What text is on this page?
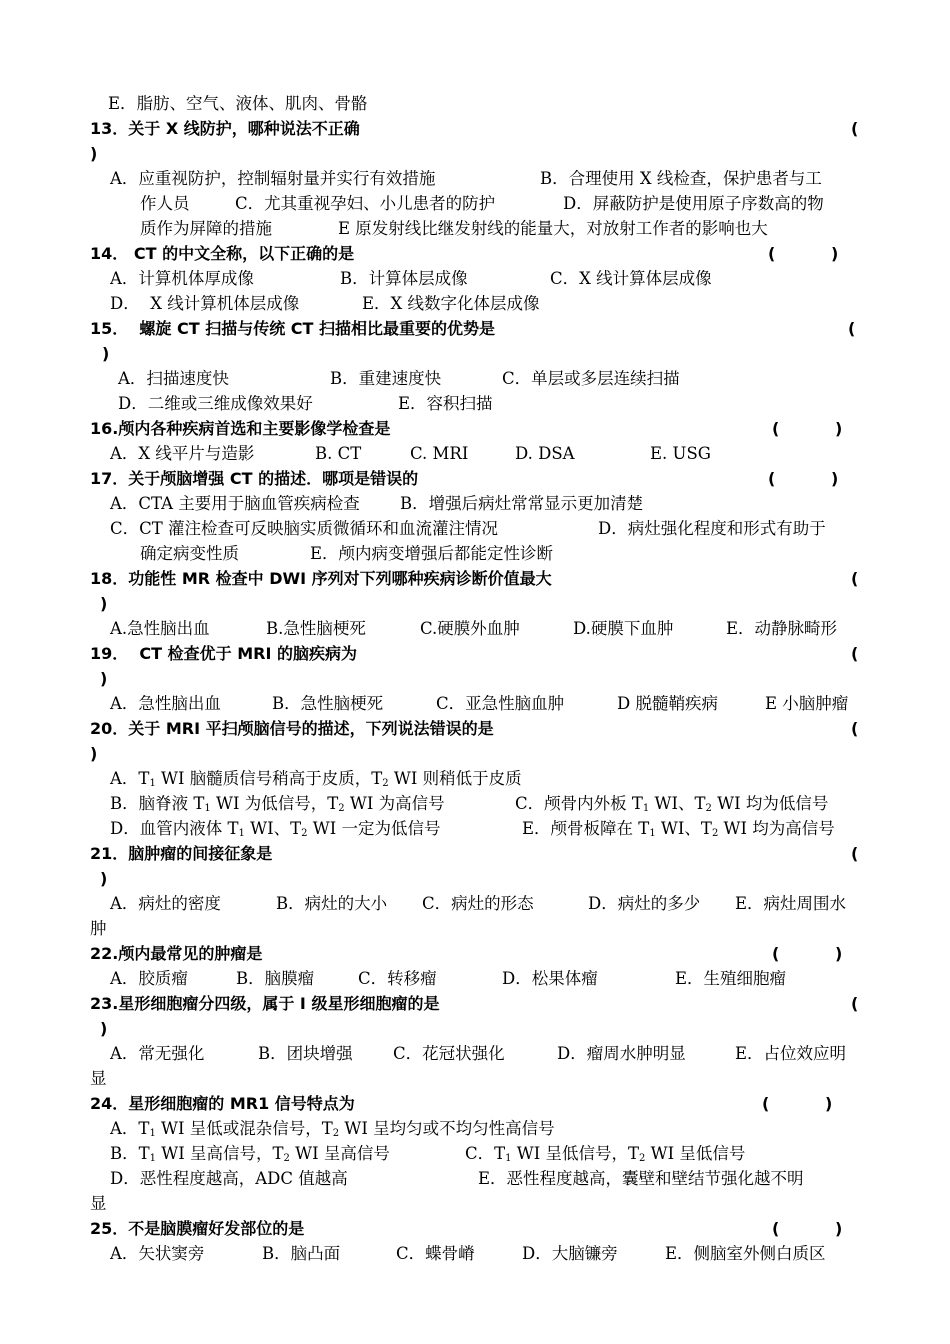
E．脂肪、空气、液体、肌肉、骨骼
13．关于 X 线防护，哪种说法不正确	(
)
A．应重视防护，控制辐射量并实行有效措施	B．合理使用 X 线检查，保护患者与工
作人员	C．尤其重视孕妇、小儿患者的防护	D．屏蔽防护是使用原子序数高的物
质作为屏障的措施	E 原发射线比继发射线的能量大，对放射工作者的影响也大
14． CT 的中文全称，以下正确的是	(          )
A．计算机体厚成像	B．计算体层成像	C．X 线计算体层成像
D．  X 线计算机体层成像	E．X 线数字化体层成像
15．  螺旋 CT 扫描与传统 CT 扫描相比最重要的优势是	(
)
A．扫描速度快	B．重建速度快	C．单层或多层连续扫描
D．二维或三维成像效果好	E．容积扫描
16.颅内各种疾病首选和主要影像学检查是	(          )
A．X 线平片与造影	B. CT	C. MRI	D. DSA	E. USG
17．关于颅脑增强 CT 的描述．哪项是错误的	(          )
A．CTA 主要用于脑血管疾病检查 B．增强后病灶常常显示更加清楚
C．CT 灌注检查可反映脑实质微循环和血流灌注情况	D．病灶强化程度和形式有助于
确定病变性质	E．颅内病变增强后都能定性诊断
18．功能性 MR 检查中 DWI 序列对下列哪种疾病诊断价值最大	(
)
A.急性脑出血	B.急性脑梗死	C.硬膜外血肿	D.硬膜下血肿	E．动静脉畸形
19．  CT 检查优于 MRI 的脑疾病为	(
)
A．急性脑出血	B．急性脑梗死	C．亚急性脑血肿	D 脱髓鞘疾病	E 小脑肿瘤
20．关于 MRI 平扫颅脑信号的描述，下列说法错误的是	(
)
A．$T_1$ WI 脑髓质信号稍高于皮质，$T_2$ WI 则稍低于皮质
B．脑脊液 $T_1$ WI 为低信号，$T_2$ WI 为高信号	C．颅骨内外板 $T_1$ WI、$T_2$ WI 均为低信号
D．血管内液体 $T_1$ WI、$T_2$ WI 一定为低信号	E．颅骨板障在 $T_1$ WI、$T_2$ WI 均为高信号
21．脑肿瘤的间接征象是	(
)
A．病灶的密度	B．病灶的大小 C．病灶的形态	D．病灶的多少 E．病灶周围水
肿
22.颅内最常见的肿瘤是	(          )
A．胶质瘤	B．脑膜瘤	C．转移瘤	D．松果体瘤	E．生殖细胞瘤
23.星形细胞瘤分四级，属于 I 级星形细胞瘤的是	(
)
A．常无强化	B．团块增强 C．花冠状强化	D．瘤周水肿明显	E．占位效应明
显
24．星形细胞瘤的 MR1 信号特点为	(          )
A．$T_1$ WI 呈低或混杂信号，$T_2$ WI 呈均匀或不均匀性高信号
B．$T_1$ WI 呈高信号，$T_2$ WI 呈高信号	C．$T_1$ WI 呈低信号，$T_2$ WI 呈低信号
D．恶性程度越高，ADC 值越高	E．恶性程度越高，囊壁和壁结节强化越不明
显
25．不是脑膜瘤好发部位的是	(          )
A．矢状窦旁	B．脑凸面	C．蝶骨嵴	D．大脑镰旁	E．侧脑室外侧白质区
